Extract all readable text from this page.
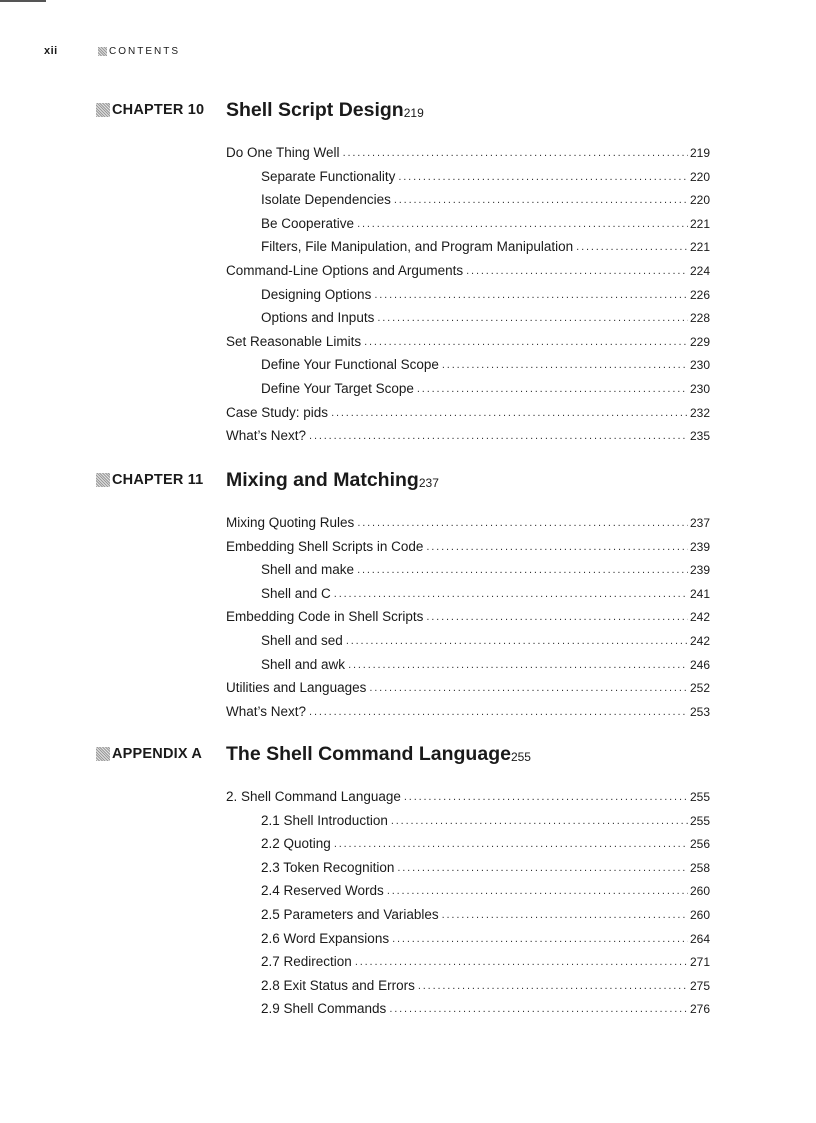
xii	CONTENTS
CHAPTER 10 Shell Script Design 219
Do One Thing Well . . .	219
Separate Functionality . . .	220
Isolate Dependencies . . .	220
Be Cooperative . . .	221
Filters, File Manipulation, and Program Manipulation . . .	221
Command-Line Options and Arguments . . .	224
Designing Options . . .	226
Options and Inputs . . .	228
Set Reasonable Limits . . .	229
Define Your Functional Scope . . .	230
Define Your Target Scope . . .	230
Case Study: pids . . .	232
What’s Next? . . .	235
CHAPTER 11 Mixing and Matching 237
Mixing Quoting Rules . . .	237
Embedding Shell Scripts in Code . . .	239
Shell and make . . .	239
Shell and C . . .	241
Embedding Code in Shell Scripts . . .	242
Shell and sed . . .	242
Shell and awk . . .	246
Utilities and Languages . . .	252
What’s Next? . . .	253
APPENDIX A The Shell Command Language 255
2. Shell Command Language . . .	255
2.1 Shell Introduction . . .	255
2.2 Quoting . . .	256
2.3 Token Recognition . . .	258
2.4 Reserved Words . . .	260
2.5 Parameters and Variables . . .	260
2.6 Word Expansions . . .	264
2.7 Redirection . . .	271
2.8 Exit Status and Errors . . .	275
2.9 Shell Commands . . .	276
